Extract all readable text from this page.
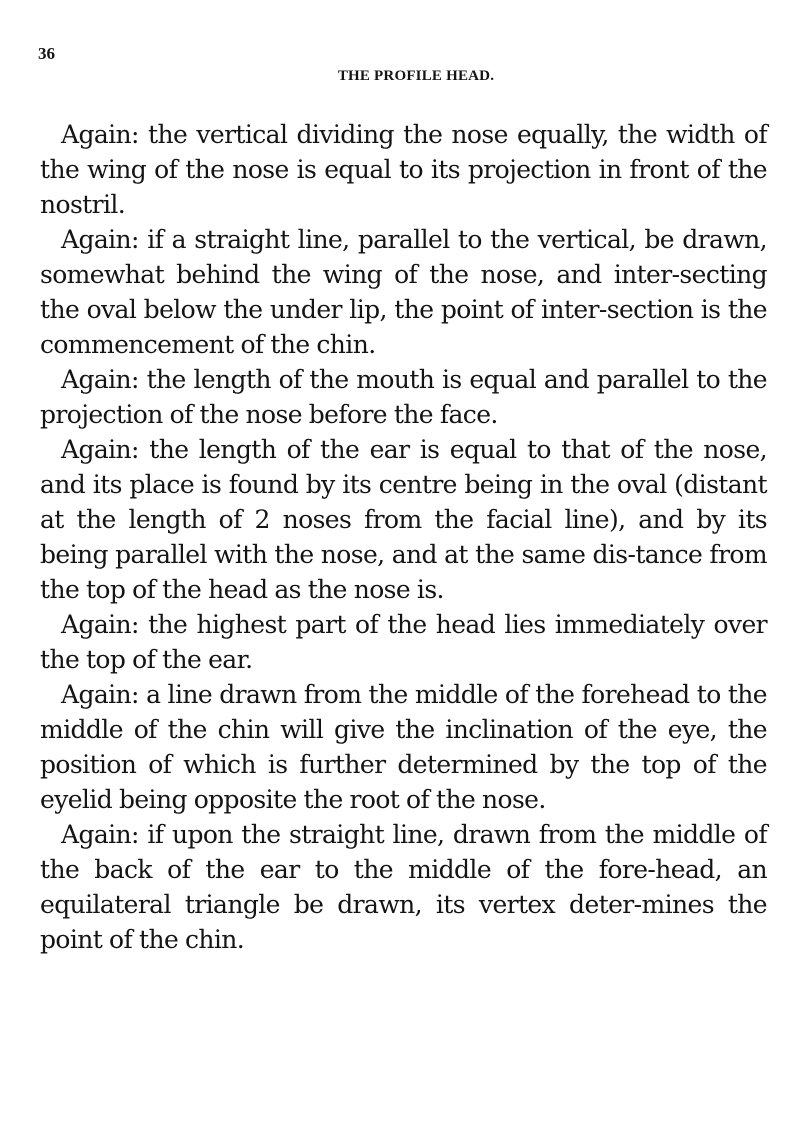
36
THE PROFILE HEAD.

Again: the vertical dividing the nose equally, the width of the wing of the nose is equal to its projection in front of the nostril.

Again: if a straight line, parallel to the vertical, be drawn, somewhat behind the wing of the nose, and inter-secting the oval below the under lip, the point of inter-section is the commencement of the chin.

Again: the length of the mouth is equal and parallel to the projection of the nose before the face.

Again: the length of the ear is equal to that of the nose, and its place is found by its centre being in the oval (distant at the length of 2 noses from the facial line), and by its being parallel with the nose, and at the same dis-tance from the top of the head as the nose is.

Again: the highest part of the head lies immediately over the top of the ear.

Again: a line drawn from the middle of the forehead to the middle of the chin will give the inclination of the eye, the position of which is further determined by the top of the eyelid being opposite the root of the nose.

Again: if upon the straight line, drawn from the middle of the back of the ear to the middle of the fore-head, an equilateral triangle be drawn, its vertex deter-mines the point of the chin.
